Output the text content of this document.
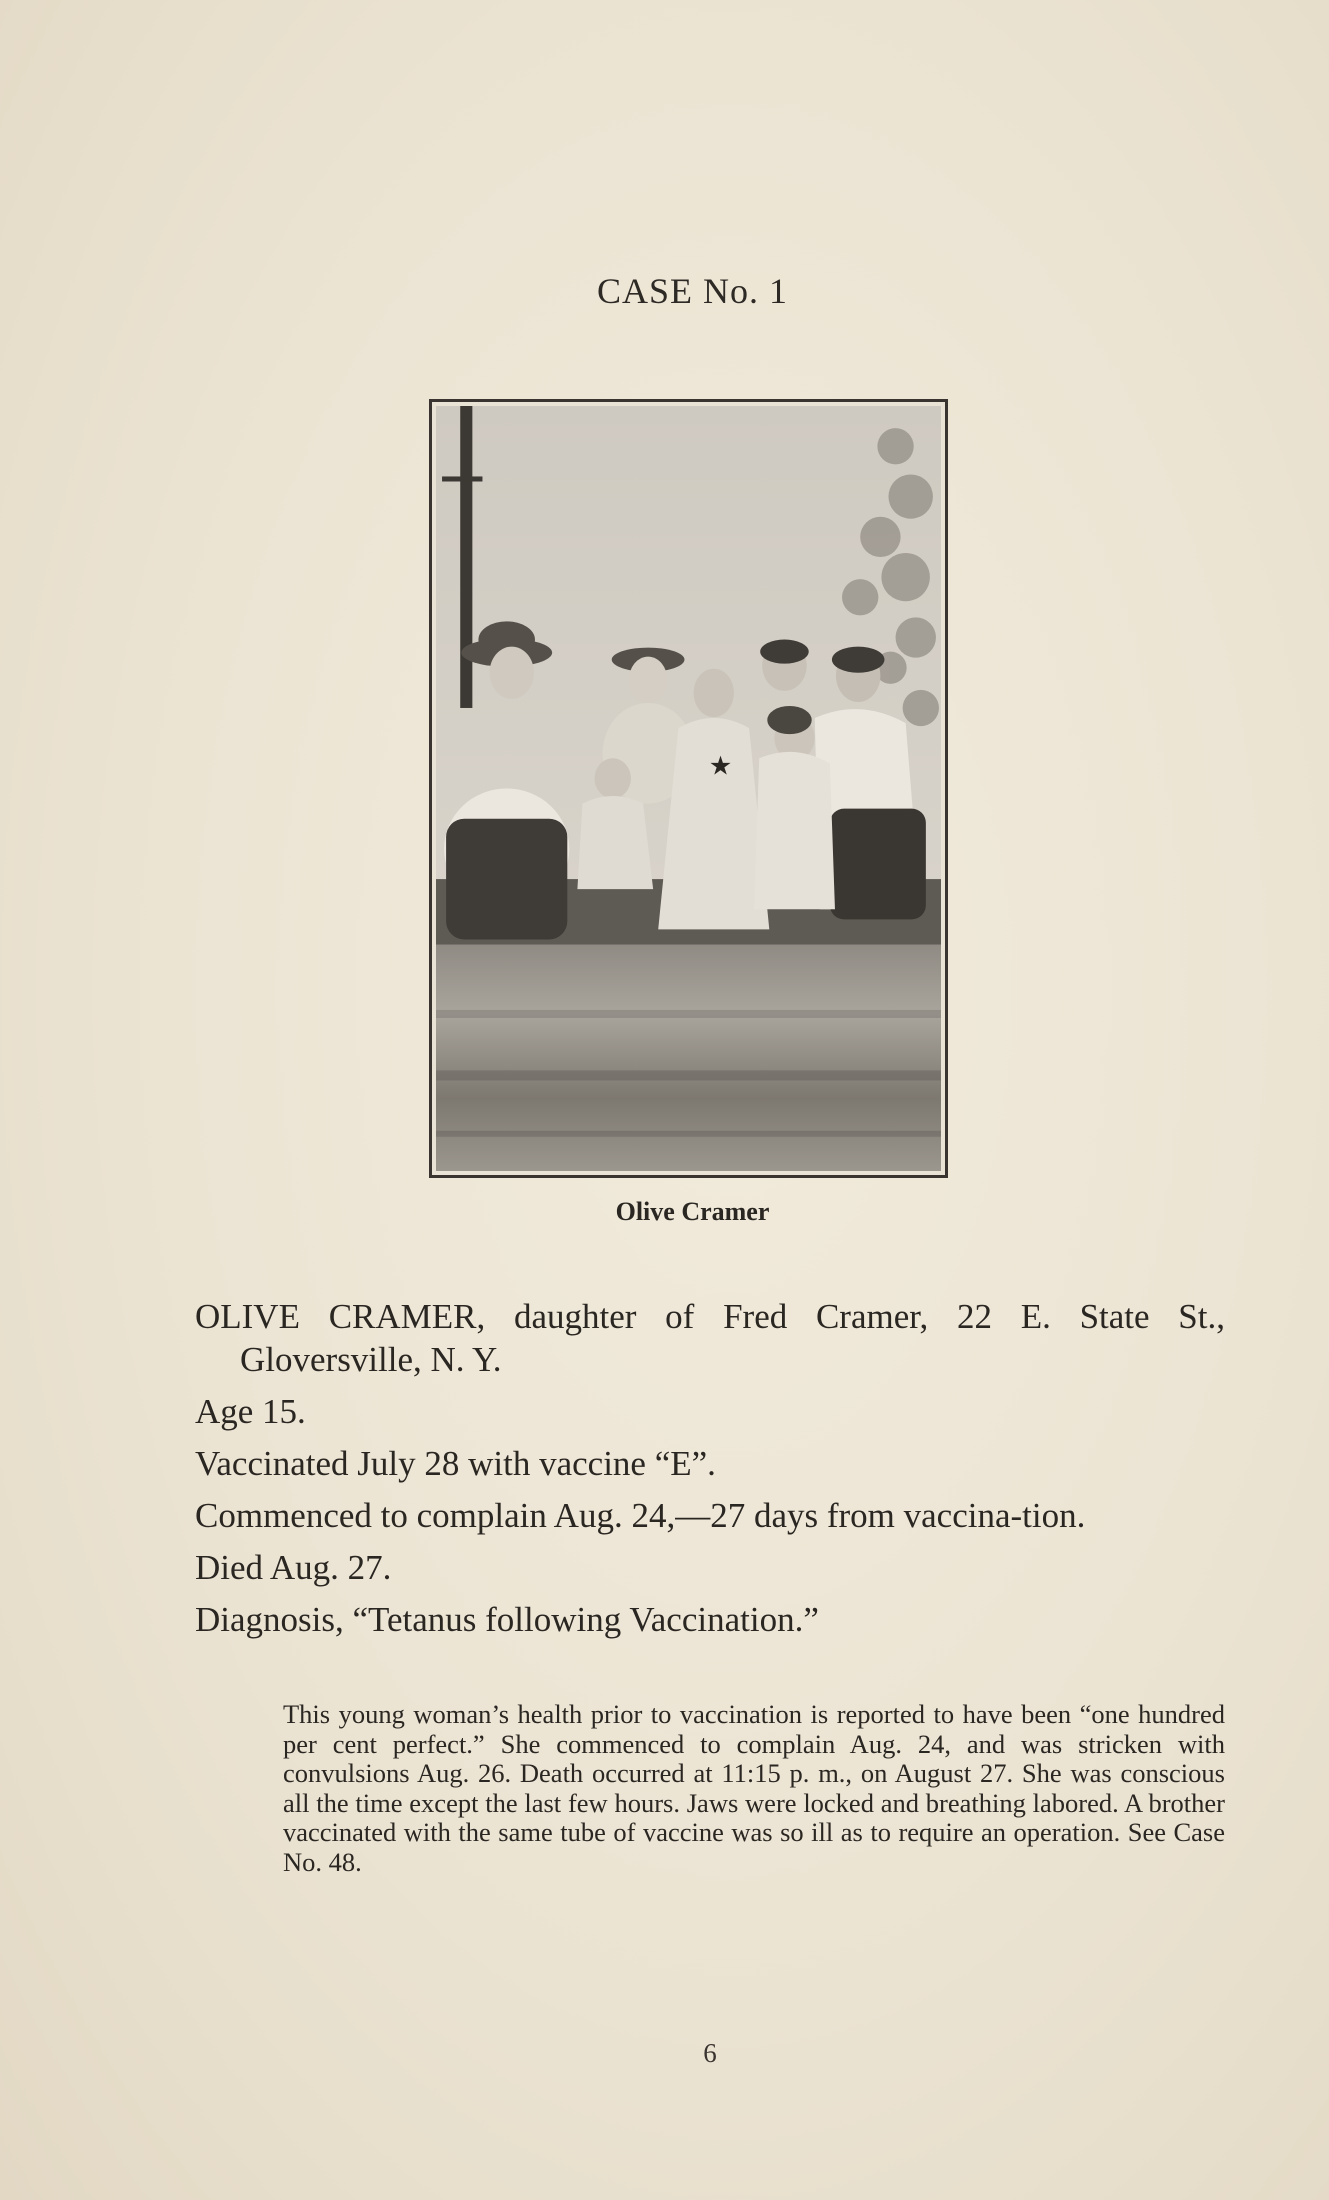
CASE No. 1
★
Olive Cramer

OLIVE CRAMER, daughter of Fred Cramer, 22 E. State St., Gloversville, N. Y.

Age 15.

Vaccinated July 28 with vaccine “E”.

Commenced to complain Aug. 24,—27 days from vaccina-tion.

Died Aug. 27.

Diagnosis, “Tetanus following Vaccination.”

This young woman’s health prior to vaccination is reported to have been “one hundred per cent perfect.” She commenced to complain Aug. 24, and was stricken with convulsions Aug. 26. Death occurred at 11:15 p. m., on August 27. She was conscious all the time except the last few hours. Jaws were locked and breathing labored. A brother vaccinated with the same tube of vaccine was so ill as to require an operation. See Case No. 48.
6
